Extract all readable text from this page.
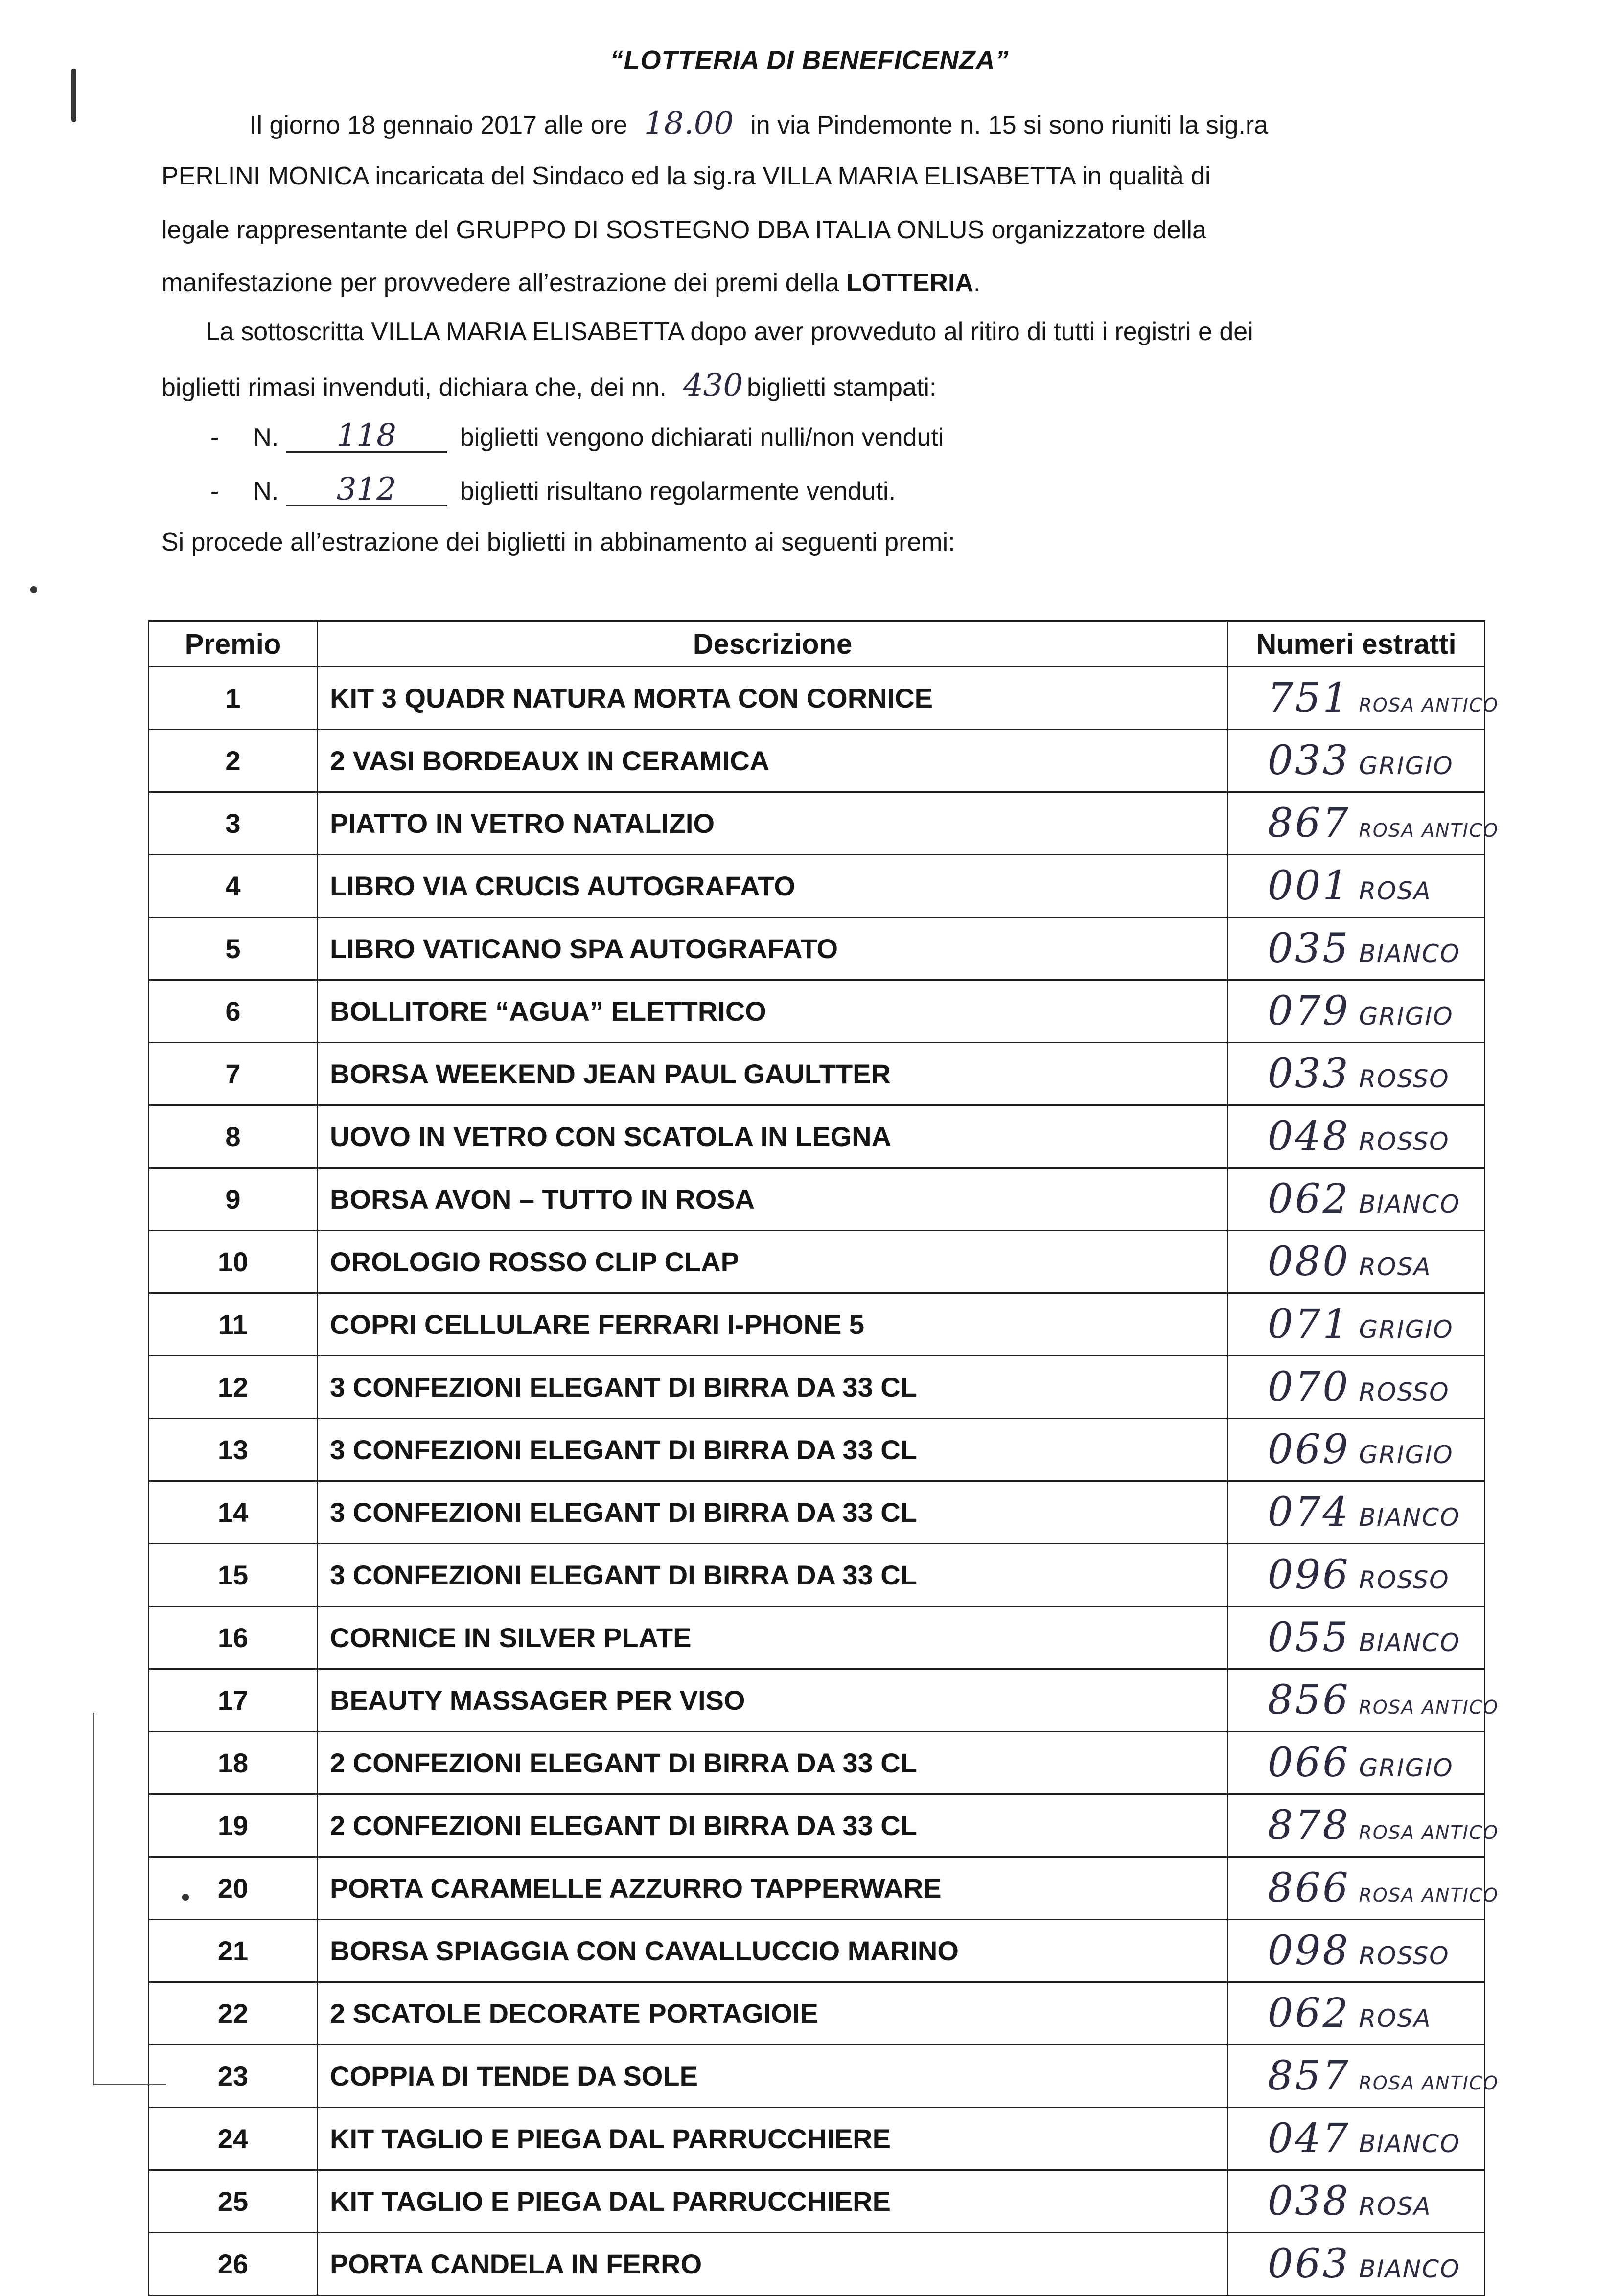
“LOTTERIA DI BENEFICENZA”
Il giorno 18 gennaio 2017 alle ore 18.00 in via Pindemonte n. 15 si sono riuniti la sig.ra
PERLINI MONICA incaricata del Sindaco ed la sig.ra VILLA MARIA ELISABETTA in qualità di
legale rappresentante del GRUPPO DI SOSTEGNO DBA ITALIA ONLUS organizzatore della
manifestazione per provvedere all’estrazione dei premi della LOTTERIA.
La sottoscritta VILLA MARIA ELISABETTA dopo aver provveduto al ritiro di tutti i registri e dei
biglietti rimasi invenduti, dichiara che, dei nn. 430 biglietti stampati:
- N. 118 biglietti vengono dichiarati nulli/non venduti
- N. 312 biglietti risultano regolarmente venduti.
Si procede all’estrazione dei biglietti in abbinamento ai seguenti premi:
Premio	Descrizione	Numeri estratti
1	KIT 3 QUADR NATURA MORTA CON CORNICE	751 ROSA ANTICO
2	2 VASI BORDEAUX IN CERAMICA	033 GRIGIO
3	PIATTO IN VETRO NATALIZIO	867 ROSA ANTICO
4	LIBRO VIA CRUCIS AUTOGRAFATO	001 ROSA
5	LIBRO VATICANO SPA AUTOGRAFATO	035 BIANCO
6	BOLLITORE “AGUA” ELETTRICO	079 GRIGIO
7	BORSA WEEKEND JEAN PAUL GAULTTER	033 ROSSO
8	UOVO IN VETRO CON SCATOLA IN LEGNA	048 ROSSO
9	BORSA AVON – TUTTO IN ROSA	062 BIANCO
10	OROLOGIO ROSSO CLIP CLAP	080 ROSA
11	COPRI CELLULARE FERRARI I-PHONE 5	071 GRIGIO
12	3 CONFEZIONI ELEGANT DI BIRRA DA 33 CL	070 ROSSO
13	3 CONFEZIONI ELEGANT DI BIRRA DA 33 CL	069 GRIGIO
14	3 CONFEZIONI ELEGANT DI BIRRA DA 33 CL	074 BIANCO
15	3 CONFEZIONI ELEGANT DI BIRRA DA 33 CL	096 ROSSO
16	CORNICE IN SILVER PLATE	055 BIANCO
17	BEAUTY MASSAGER PER VISO	856 ROSA ANTICO
18	2 CONFEZIONI ELEGANT DI BIRRA DA 33 CL	066 GRIGIO
19	2 CONFEZIONI ELEGANT DI BIRRA DA 33 CL	878 ROSA ANTICO
20	PORTA CARAMELLE AZZURRO TAPPERWARE	866 ROSA ANTICO
21	BORSA SPIAGGIA CON CAVALLUCCIO MARINO	098 ROSSO
22	2 SCATOLE DECORATE PORTAGIOIE	062 ROSA
23	COPPIA DI TENDE DA SOLE	857 ROSA ANTICO
24	KIT TAGLIO E PIEGA DAL PARRUCCHIERE	047 BIANCO
25	KIT TAGLIO E PIEGA DAL PARRUCCHIERE	038 ROSA
26	PORTA CANDELA IN FERRO	063 BIANCO
